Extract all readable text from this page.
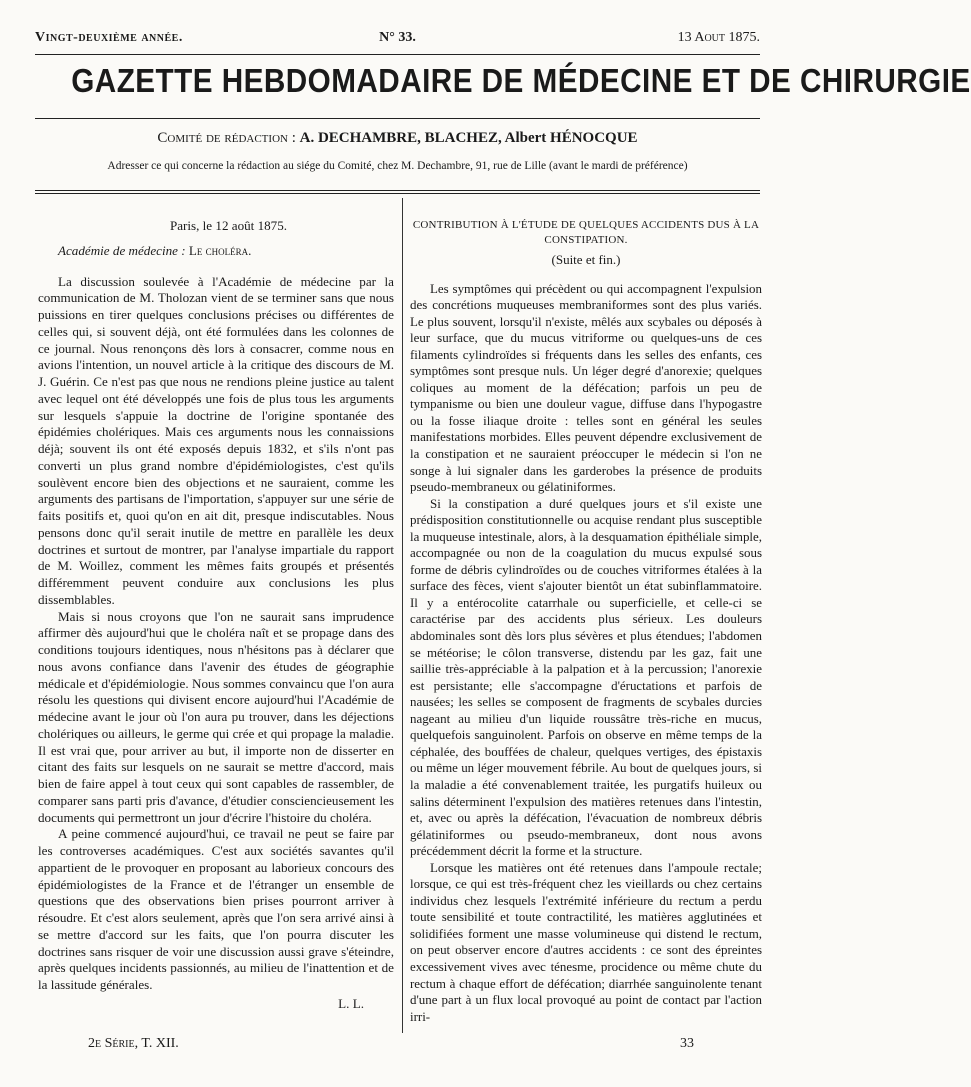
Vingt-deuxième année.	N° 33.	13 Aout 1875.
GAZETTE HEBDOMADAIRE DE MÉDECINE ET DE CHIRURGIE
Comité de rédaction : A. DECHAMBRE, BLACHEZ, Albert HÉNOCQUE
Adresser ce qui concerne la rédaction au siége du Comité, chez M. Dechambre, 91, rue de Lille (avant le mardi de préférence)
Paris, le 12 août 1875.
Académie de médecine : Le choléra.

La discussion soulevée à l'Académie de médecine par la communication de M. Tholozan vient de se terminer sans que nous puissions en tirer quelques conclusions précises ou différentes de celles qui, si souvent déjà, ont été formulées dans les colonnes de ce journal. Nous renonçons dès lors à consacrer, comme nous en avions l'intention, un nouvel article à la critique des discours de M. J. Guérin. Ce n'est pas que nous ne rendions pleine justice au talent avec lequel ont été développés une fois de plus tous les arguments sur lesquels s'appuie la doctrine de l'origine spontanée des épidémies cholériques. Mais ces arguments nous les connaissions déjà; souvent ils ont été exposés depuis 1832, et s'ils n'ont pas converti un plus grand nombre d'épidémiologistes, c'est qu'ils soulèvent encore bien des objections et ne sauraient, comme les arguments des partisans de l'importation, s'appuyer sur une série de faits positifs et, quoi qu'on en ait dit, presque indiscutables. Nous pensons donc qu'il serait inutile de mettre en parallèle les deux doctrines et surtout de montrer, par l'analyse impartiale du rapport de M. Woillez, comment les mêmes faits groupés et présentés différemment peuvent conduire aux conclusions les plus dissemblables.

Mais si nous croyons que l'on ne saurait sans imprudence affirmer dès aujourd'hui que le choléra naît et se propage dans des conditions toujours identiques, nous n'hésitons pas à déclarer que nous avons confiance dans l'avenir des études de géographie médicale et d'épidémiologie. Nous sommes convaincu que l'on aura résolu les questions qui divisent encore aujourd'hui l'Académie de médecine avant le jour où l'on aura pu trouver, dans les déjections cholériques ou ailleurs, le germe qui crée et qui propage la maladie. Il est vrai que, pour arriver au but, il importe non de disserter en citant des faits sur lesquels on ne saurait se mettre d'accord, mais bien de faire appel à tout ceux qui sont capables de rassembler, de comparer sans parti pris d'avance, d'étudier consciencieusement les documents qui permettront un jour d'écrire l'histoire du choléra.

A peine commencé aujourd'hui, ce travail ne peut se faire par les controverses académiques. C'est aux sociétés savantes qu'il appartient de le provoquer en proposant au laborieux concours des épidémiologistes de la France et de l'étranger un ensemble de questions que des observations bien prises pourront arriver à résoudre. Et c'est alors seulement, après que l'on sera arrivé ainsi à se mettre d'accord sur les faits, que l'on pourra discuter les doctrines sans risquer de voir une discussion aussi grave s'éteindre, après quelques incidents passionnés, au milieu de l'inattention et de la lassitude générales.

L. L.
CONTRIBUTION À L'ÉTUDE DE QUELQUES ACCIDENTS DUS À LA CONSTIPATION.
(Suite et fin.)

Les symptômes qui précèdent ou qui accompagnent l'expulsion des concrétions muqueuses membraniformes sont des plus variés. Le plus souvent, lorsqu'il n'existe, mêlés aux scybales ou déposés à leur surface, que du mucus vitriforme ou quelques-uns de ces filaments cylindroïdes si fréquents dans les selles des enfants, ces symptômes sont presque nuls. Un léger degré d'anorexie; quelques coliques au moment de la défécation; parfois un peu de tympanisme ou bien une douleur vague, diffuse dans l'hypogastre ou la fosse iliaque droite : telles sont en général les seules manifestations morbides. Elles peuvent dépendre exclusivement de la constipation et ne sauraient préoccuper le médecin si l'on ne songe à lui signaler dans les garderobes la présence de produits pseudo-membraneux ou gélatiniformes.

Si la constipation a duré quelques jours et s'il existe une prédisposition constitutionnelle ou acquise rendant plus susceptible la muqueuse intestinale, alors, à la desquamation épithéliale simple, accompagnée ou non de la coagulation du mucus expulsé sous forme de débris cylindroïdes ou de couches vitriformes étalées à la surface des fèces, vient s'ajouter bientôt un état subinflammatoire. Il y a entérocolite catarrhale ou superficielle, et celle-ci se caractérise par des accidents plus sérieux. Les douleurs abdominales sont dès lors plus sévères et plus étendues; l'abdomen se météorise; le côlon transverse, distendu par les gaz, fait une saillie très-appréciable à la palpation et à la percussion; l'anorexie est persistante; elle s'accompagne d'éructations et parfois de nausées; les selles se composent de fragments de scybales durcies nageant au milieu d'un liquide roussâtre très-riche en mucus, quelquefois sanguinolent. Parfois on observe en même temps de la céphalée, des bouffées de chaleur, quelques vertiges, des épistaxis ou même un léger mouvement fébrile. Au bout de quelques jours, si la maladie a été convenablement traitée, les purgatifs huileux ou salins déterminent l'expulsion des matières retenues dans l'intestin, et, avec ou après la défécation, l'évacuation de nombreux débris gélatiniformes ou pseudo-membraneux, dont nous avons précédemment décrit la forme et la structure.

Lorsque les matières ont été retenues dans l'ampoule rectale; lorsque, ce qui est très-fréquent chez les vieillards ou chez certains individus chez lesquels l'extrémité inférieure du rectum a perdu toute sensibilité et toute contractilité, les matières agglutinées et solidifiées forment une masse volumineuse qui distend le rectum, on peut observer encore d'autres accidents : ce sont des épreintes excessivement vives avec ténesme, procidence ou même chute du rectum à chaque effort de défécation; diarrhée sanguinolente tenant d'une part à un flux local provoqué au point de contact par l'action irri-

2e Série, T. XII.	33
